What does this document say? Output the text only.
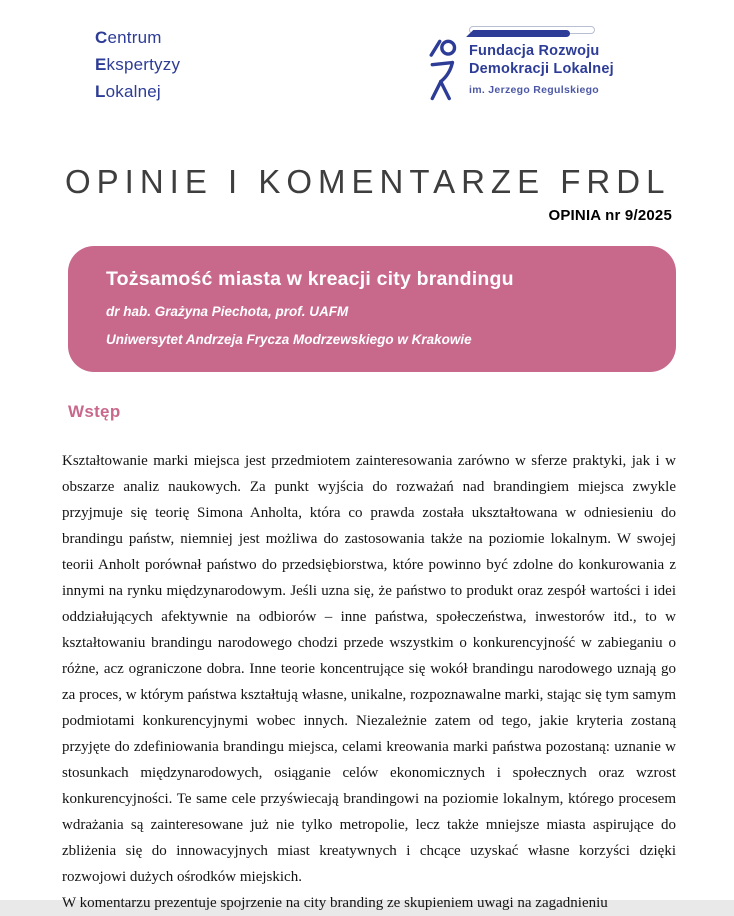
Centrum
Ekspertyzy
Lokalnej
Fundacja Rozwoju
Demokracji Lokalnej
im. Jerzego Regulskiego
OPINIE I KOMENTARZE FRDL
OPINIA nr 9/2025
Tożsamość miasta w kreacji city brandingu
dr hab. Grażyna Piechota, prof. UAFM
Uniwersytet Andrzeja Frycza Modrzewskiego w Krakowie
Wstęp

Kształtowanie marki miejsca jest przedmiotem zainteresowania zarówno w sferze praktyki, jak i w obszarze analiz naukowych. Za punkt wyjścia do rozważań nad brandingiem miejsca zwykle przyjmuje się teorię Simona Anholta, która co prawda została ukształtowana w odniesieniu do brandingu państw, niemniej jest możliwa do zastosowania także na poziomie lokalnym. W swojej teorii Anholt porównał państwo do przedsiębiorstwa, które powinno być zdolne do konkurowania z innymi na rynku międzynarodowym. Jeśli uzna się, że państwo to produkt oraz zespół wartości i idei oddziałujących afektywnie na odbiorów – inne państwa, społeczeństwa, inwestorów itd., to w kształtowaniu brandingu narodowego chodzi przede wszystkim o konkurencyjność w zabieganiu o różne, acz ograniczone dobra. Inne teorie koncentrujące się wokół brandingu narodowego uznają go za proces, w którym państwa kształtują własne, unikalne, rozpoznawalne marki, stając się tym samym podmiotami konkurencyjnymi wobec innych. Niezależnie zatem od tego, jakie kryteria zostaną przyjęte do zdefiniowania brandingu miejsca, celami kreowania marki państwa pozostaną: uznanie w stosunkach międzynarodowych, osiąganie celów ekonomicznych i społecznych oraz wzrost konkurencyjności. Te same cele przyświecają brandingowi na poziomie lokalnym, którego procesem wdrażania są zainteresowane już nie tylko metropolie, lecz także mniejsze miasta aspirujące do zbliżenia się do innowacyjnych miast kreatywnych i chcące uzyskać własne korzyści dzięki rozwojowi dużych ośrodków miejskich.

W komentarzu prezentuje spojrzenie na city branding ze skupieniem uwagi na zagadnieniu
